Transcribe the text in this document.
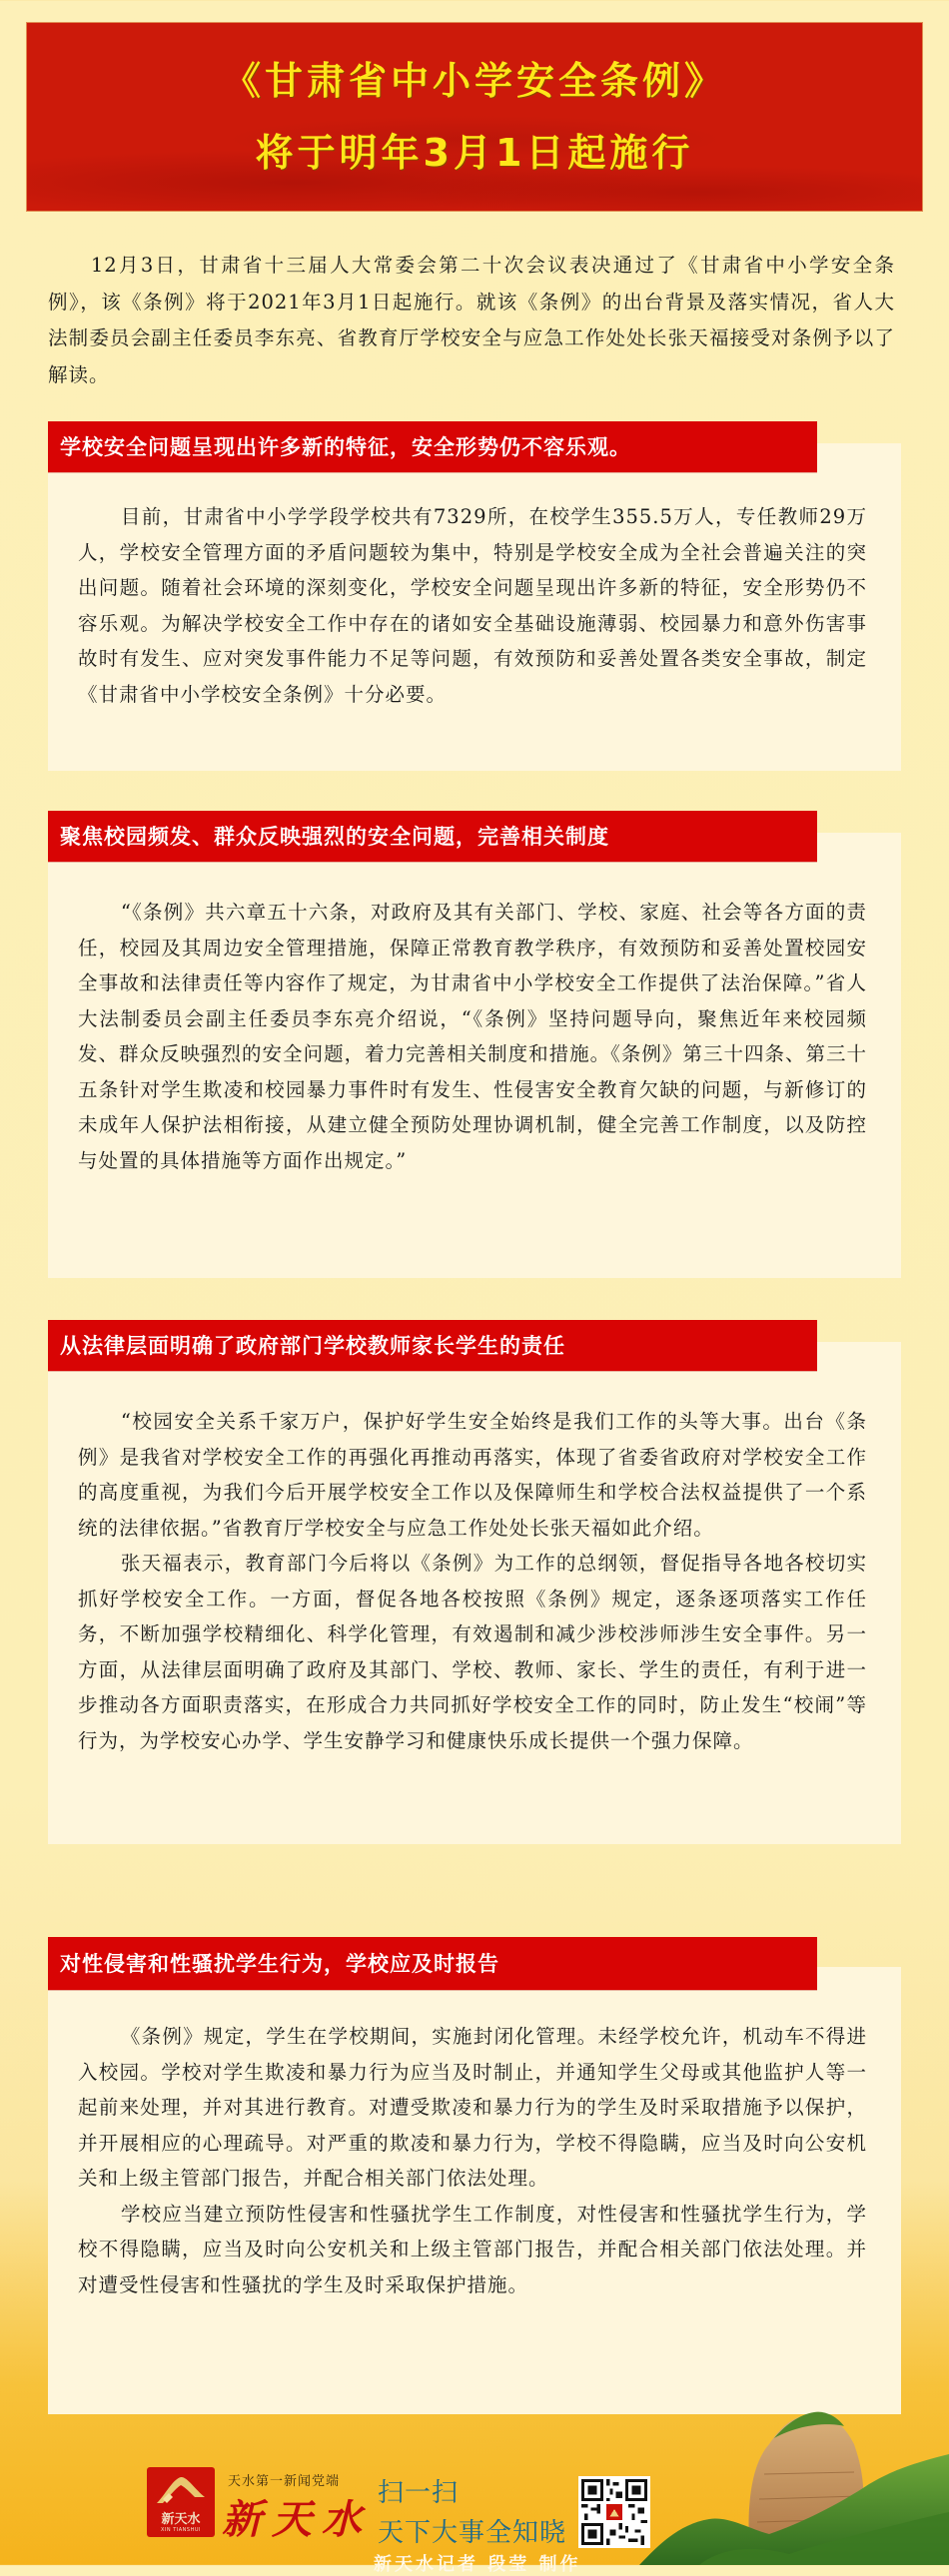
《甘肃省中小学安全条例》
将于明年3月1日起施行

12月3日，甘肃省十三届人大常委会第二十次会议表决通过了《甘肃省中小学安全条例》，该《条例》将于2021年3月1日起施行。就该《条例》的出台背景及落实情况，省人大法制委员会副主任委员李东亮、省教育厅学校安全与应急工作处处长张天福接受对条例予以了解读。

学校安全问题呈现出许多新的特征，安全形势仍不容乐观。

目前，甘肃省中小学学段学校共有7329所，在校学生355.5万人，专任教师29万人，学校安全管理方面的矛盾问题较为集中，特别是学校安全成为全社会普遍关注的突出问题。随着社会环境的深刻变化，学校安全问题呈现出许多新的特征，安全形势仍不容乐观。为解决学校安全工作中存在的诸如安全基础设施薄弱、校园暴力和意外伤害事故时有发生、应对突发事件能力不足等问题，有效预防和妥善处置各类安全事故，制定《甘肃省中小学校安全条例》十分必要。

聚焦校园频发、群众反映强烈的安全问题，完善相关制度

“《条例》共六章五十六条，对政府及其有关部门、学校、家庭、社会等各方面的责任，校园及其周边安全管理措施，保障正常教育教学秩序，有效预防和妥善处置校园安全事故和法律责任等内容作了规定，为甘肃省中小学校安全工作提供了法治保障。”省人大法制委员会副主任委员李东亮介绍说，“《条例》坚持问题导向，聚焦近年来校园频发、群众反映强烈的安全问题，着力完善相关制度和措施。《条例》第三十四条、第三十五条针对学生欺凌和校园暴力事件时有发生、性侵害安全教育欠缺的问题，与新修订的未成年人保护法相衔接，从建立健全预防处理协调机制，健全完善工作制度，以及防控与处置的具体措施等方面作出规定。”

从法律层面明确了政府部门学校教师家长学生的责任

“校园安全关系千家万户，保护好学生安全始终是我们工作的头等大事。出台《条例》是我省对学校安全工作的再强化再推动再落实，体现了省委省政府对学校安全工作的高度重视，为我们今后开展学校安全工作以及保障师生和学校合法权益提供了一个系统的法律依据。”省教育厅学校安全与应急工作处处长张天福如此介绍。

张天福表示，教育部门今后将以《条例》为工作的总纲领，督促指导各地各校切实抓好学校安全工作。一方面，督促各地各校按照《条例》规定，逐条逐项落实工作任务，不断加强学校精细化、科学化管理，有效遏制和减少涉校涉师涉生安全事件。另一方面，从法律层面明确了政府及其部门、学校、教师、家长、学生的责任，有利于进一步推动各方面职责落实，在形成合力共同抓好学校安全工作的同时，防止发生“校闹”等行为，为学校安心办学、学生安静学习和健康快乐成长提供一个强力保障。

对性侵害和性骚扰学生行为，学校应及时报告

《条例》规定，学生在学校期间，实施封闭化管理。未经学校允许，机动车不得进入校园。学校对学生欺凌和暴力行为应当及时制止，并通知学生父母或其他监护人等一起前来处理，并对其进行教育。对遭受欺凌和暴力行为的学生及时采取措施予以保护，并开展相应的心理疏导。对严重的欺凌和暴力行为，学校不得隐瞒，应当及时向公安机关和上级主管部门报告，并配合相关部门依法处理。

学校应当建立预防性侵害和性骚扰学生工作制度，对性侵害和性骚扰学生行为，学校不得隐瞒，应当及时向公安机关和上级主管部门报告，并配合相关部门依法处理。并对遭受性侵害和性骚扰的学生及时采取保护措施。

新天水
XIN TIANSHUI
天水第一新闻党端
新天水
扫一扫
天下大事全知晓
新天水记者 段莹 制作
